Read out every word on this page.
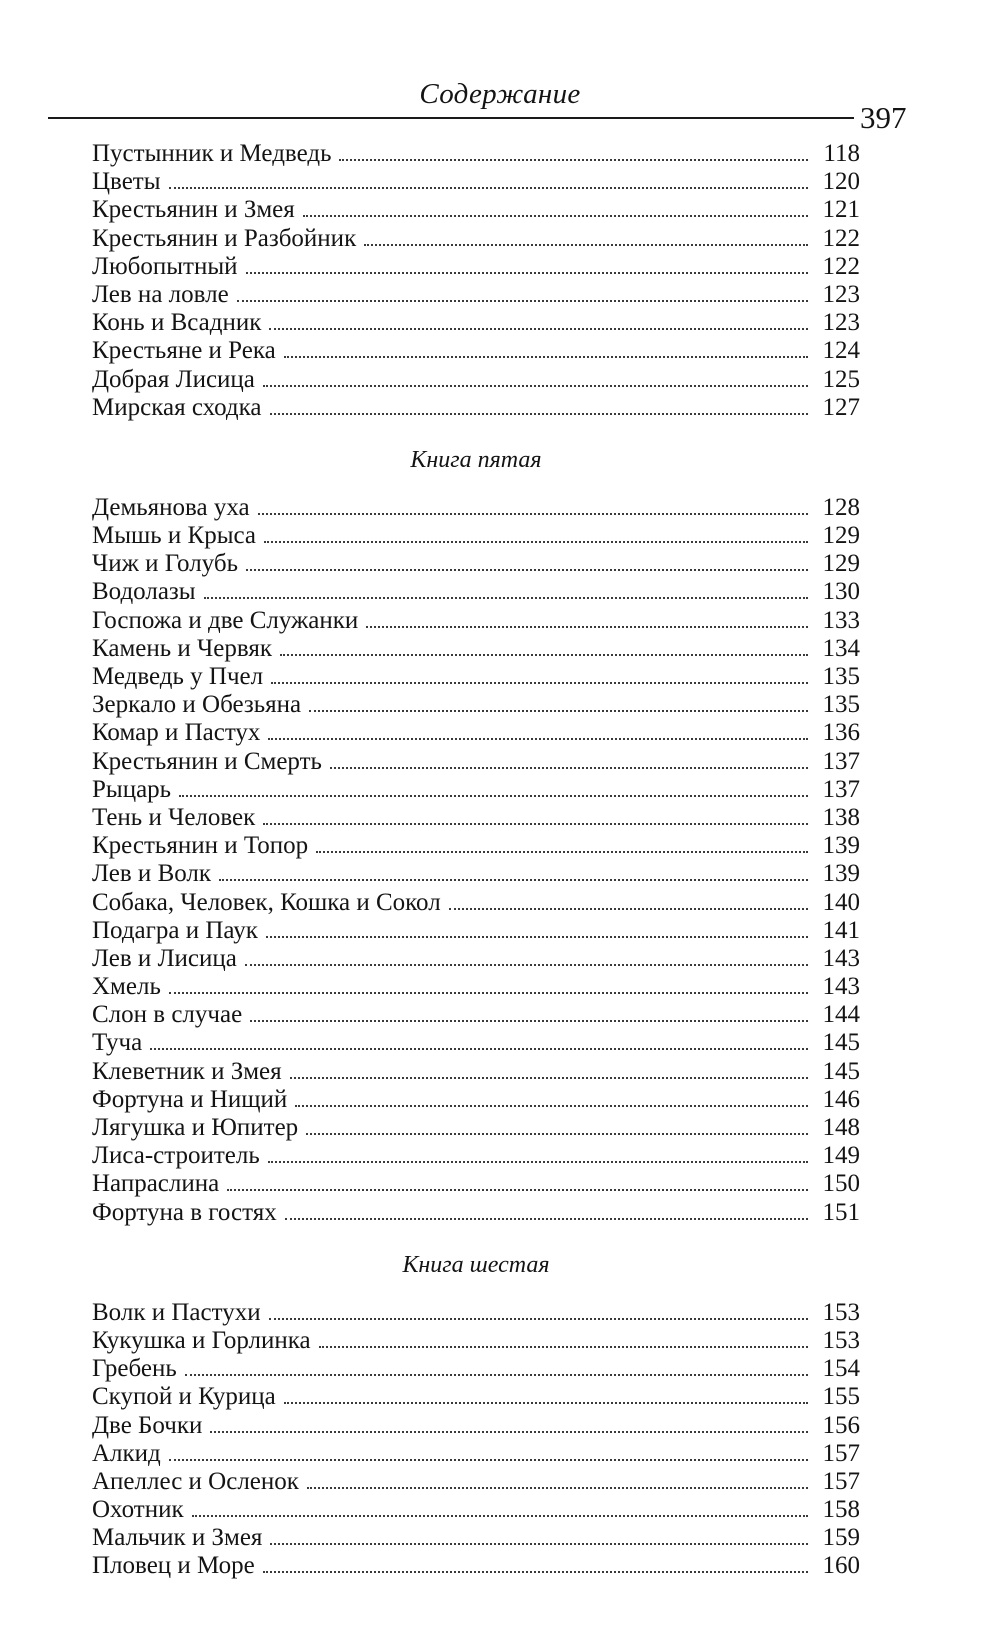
Содержание
397
Пустынник и Медведь	118
Цветы	120
Крестьянин и Змея	121
Крестьянин и Разбойник	122
Любопытный	122
Лев на ловле	123
Конь и Всадник	123
Крестьяне и Река	124
Добрая Лисица	125
Мирская сходка	127
Книга пятая
Демьянова уха	128
Мышь и Крыса	129
Чиж и Голубь	129
Водолазы	130
Госпожа и две Служанки	133
Камень и Червяк	134
Медведь у Пчел	135
Зеркало и Обезьяна	135
Комар и Пастух	136
Крестьянин и Смерть	137
Рыцарь	137
Тень и Человек	138
Крестьянин и Топор	139
Лев и Волк	139
Собака, Человек, Кошка и Сокол	140
Подагра и Паук	141
Лев и Лисица	143
Хмель	143
Слон в случае	144
Туча	145
Клеветник и Змея	145
Фортуна и Нищий	146
Лягушка и Юпитер	148
Лиса-строитель	149
Напраслина	150
Фортуна в гостях	151
Книга шестая
Волк и Пастухи	153
Кукушка и Горлинка	153
Гребень	154
Скупой и Курица	155
Две Бочки	156
Алкид	157
Апеллес и Осленок	157
Охотник	158
Мальчик и Змея	159
Пловец и Море	160
